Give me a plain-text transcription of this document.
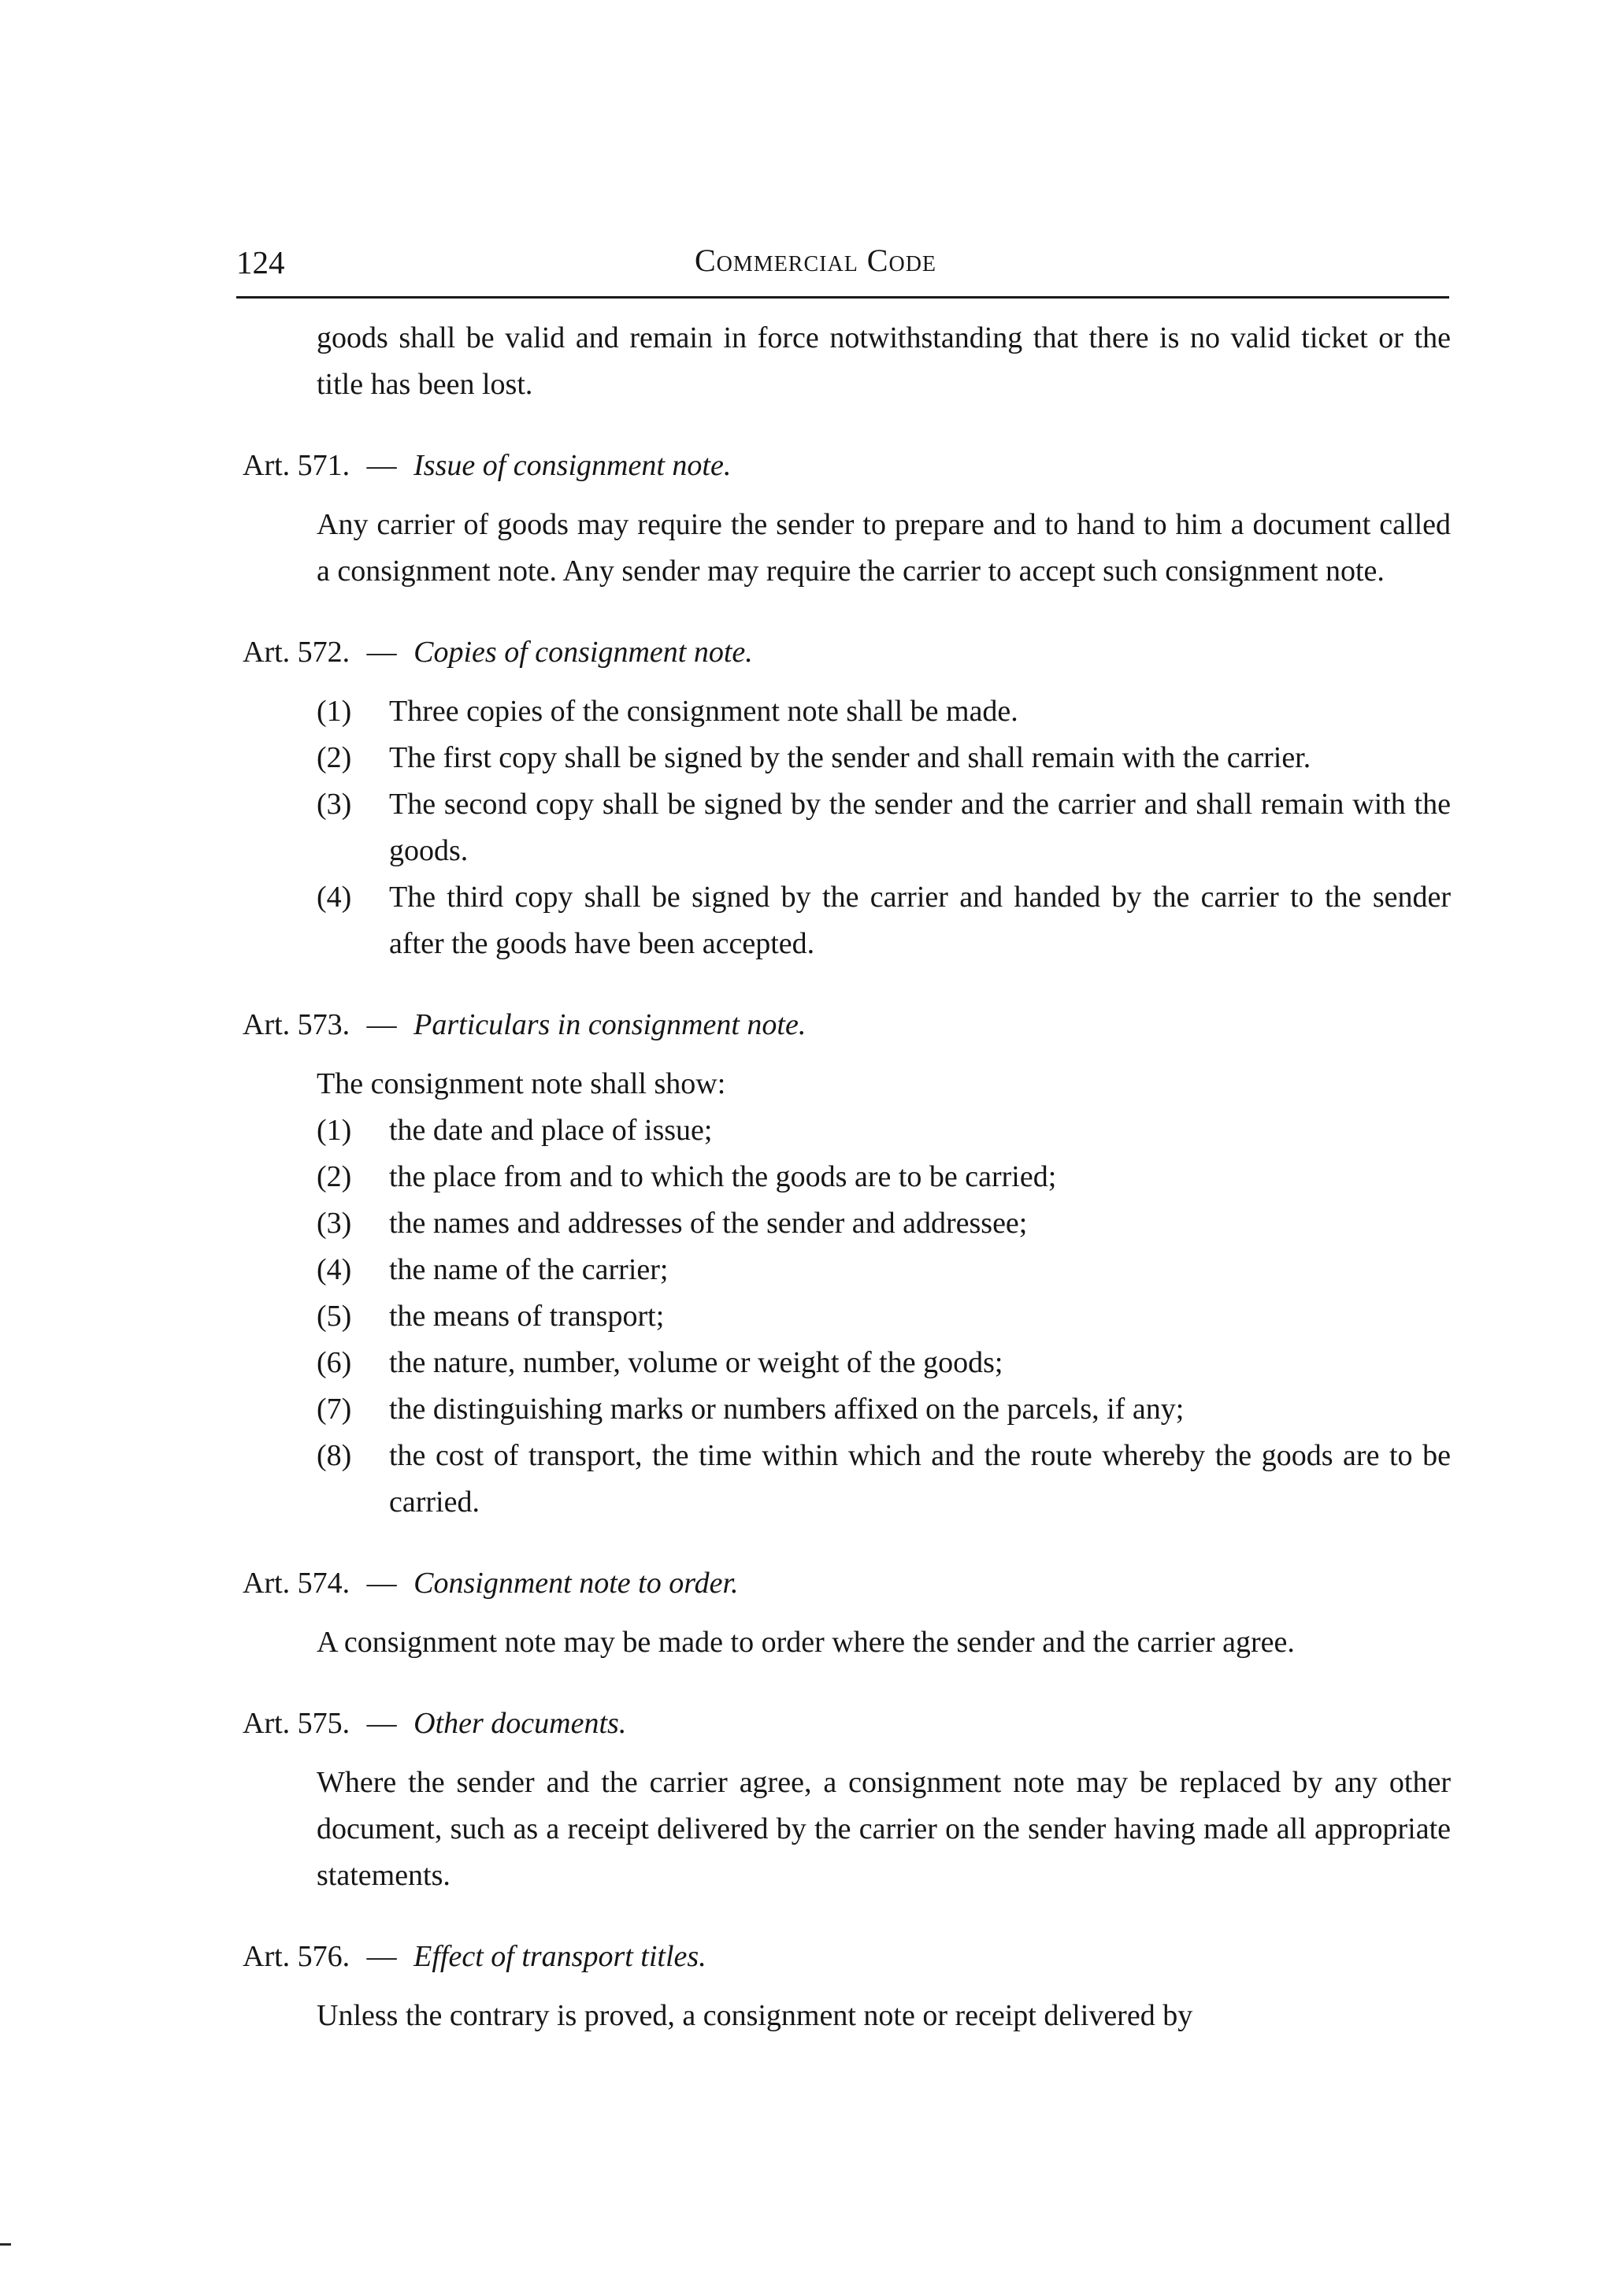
124	Commercial Code

goods shall be valid and remain in force notwithstanding that there is no valid ticket or the title has been lost.

Art. 571. — Issue of consignment note.

Any carrier of goods may require the sender to prepare and to hand to him a document called a consignment note. Any sender may require the carrier to accept such consignment note.

Art. 572. — Copies of consignment note.

(1)	Three copies of the consignment note shall be made.
(2)	The first copy shall be signed by the sender and shall remain with the carrier.
(3)	The second copy shall be signed by the sender and the carrier and shall remain with the goods.
(4)	The third copy shall be signed by the carrier and handed by the carrier to the sender after the goods have been accepted.

Art. 573. — Particulars in consignment note.

The consignment note shall show:

(1)	the date and place of issue;
(2)	the place from and to which the goods are to be carried;
(3)	the names and addresses of the sender and addressee;
(4)	the name of the carrier;
(5)	the means of transport;
(6)	the nature, number, volume or weight of the goods;
(7)	the distinguishing marks or numbers affixed on the parcels, if any;
(8)	the cost of transport, the time within which and the route whereby the goods are to be carried.

Art. 574. — Consignment note to order.

A consignment note may be made to order where the sender and the carrier agree.

Art. 575. — Other documents.

Where the sender and the carrier agree, a consignment note may be replaced by any other document, such as a receipt delivered by the carrier on the sender having made all appropriate statements.

Art. 576. — Effect of transport titles.

Unless the contrary is proved, a consignment note or receipt delivered by
